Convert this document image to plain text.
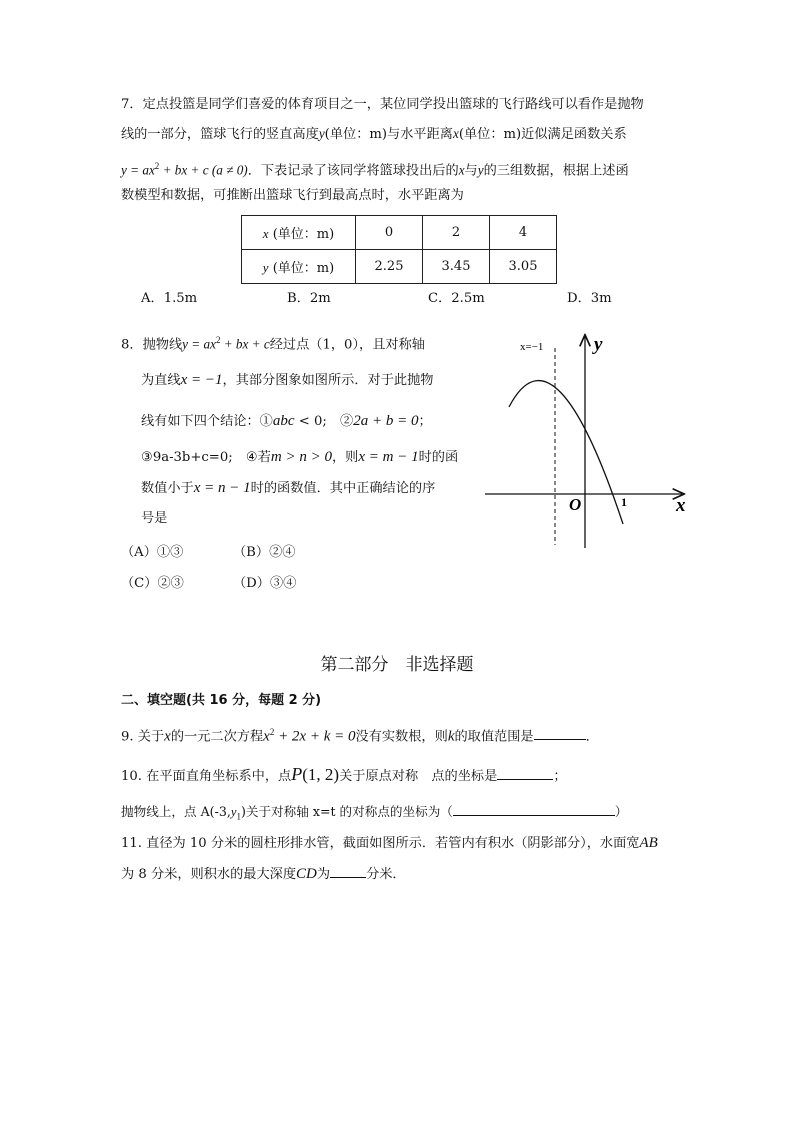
7．定点投篮是同学们喜爱的体育项目之一，某位同学投出篮球的飞行路线可以看作是抛物
线的一部分，篮球飞行的竖直高度y(单位：m)与水平距离x(单位：m)近似满足函数关系
$y = ax^2$ + bx + c (a ≠ 0)．下表记录了该同学将篮球投出后的x与y的三组数据，根据上述函
数模型和数据，可推断出篮球飞行到最高点时，水平距离为
x (单位：m)	0	2	4
y (单位：m)	2.25	3.45	3.05
A．1.5m	B．2m	C．2.5m	D．3m
8．抛物线$y = ax^2$ + bx + c经过点（1，0），且对称轴
为直线x = −1，其部分图象如图所示．对于此抛物
线有如下四个结论：①abc < 0;　②2a + b = 0；
③9a-3b+c=0;　④若m > n > 0，则x = m − 1时的函
数值小于x = n − 1时的函数值．其中正确结论的序
号是
（A）①③	（B）②④
（C）②③	（D）③④
x=−1	y
x
O	1
第二部分　非选择题
二、填空题(共 16 分，每题 2 分)
9. 关于x的一元二次方程$x^2 + 2x + k = 0$没有实数根，则k的取值范围是	．
10. 在平面直角坐标系中，点P(1, 2)关于原点对称　点的坐标是	；
抛物线上，点 $A(-3,y_1)$关于对称轴 x=t 的对称点的坐标为（	）
11. 直径为 10 分米的圆柱形排水管，截面如图所示．若管内有积水（阴影部分），水面宽AB
为 8 分米，则积水的最大深度CD为	分米．
